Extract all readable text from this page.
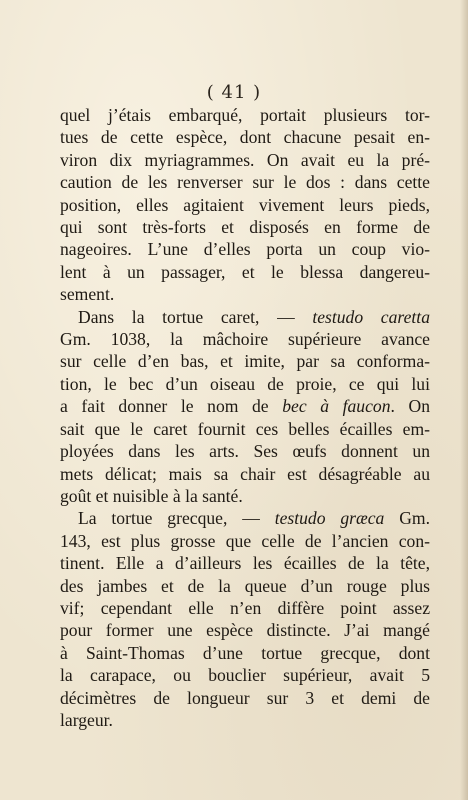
( 41 )
quel j’étais embarqué, portait plusieurs tor-
tues de cette espèce, dont chacune pesait en-
viron dix myriagrammes. On avait eu la pré-
caution de les renverser sur le dos : dans cette
position, elles agitaient vivement leurs pieds,
qui sont très-forts et disposés en forme de
nageoires. L’une d’elles porta un coup vio-
lent à un passager, et le blessa dangereu-
sement.
Dans la tortue caret, — testudo caretta
Gm. 1038, la mâchoire supérieure avance
sur celle d’en bas, et imite, par sa conforma-
tion, le bec d’un oiseau de proie, ce qui lui
a fait donner le nom de bec à faucon. On
sait que le caret fournit ces belles écailles em-
ployées dans les arts. Ses œufs donnent un
mets délicat; mais sa chair est désagréable au
goût et nuisible à la santé.
La tortue grecque, — testudo græca Gm.
143, est plus grosse que celle de l’ancien con-
tinent. Elle a d’ailleurs les écailles de la tête,
des jambes et de la queue d’un rouge plus
vif; cependant elle n’en diffère point assez
pour former une espèce distincte. J’ai mangé
à Saint-Thomas d’une tortue grecque, dont
la carapace, ou bouclier supérieur, avait 5
décimètres de longueur sur 3 et demi de
largeur.
